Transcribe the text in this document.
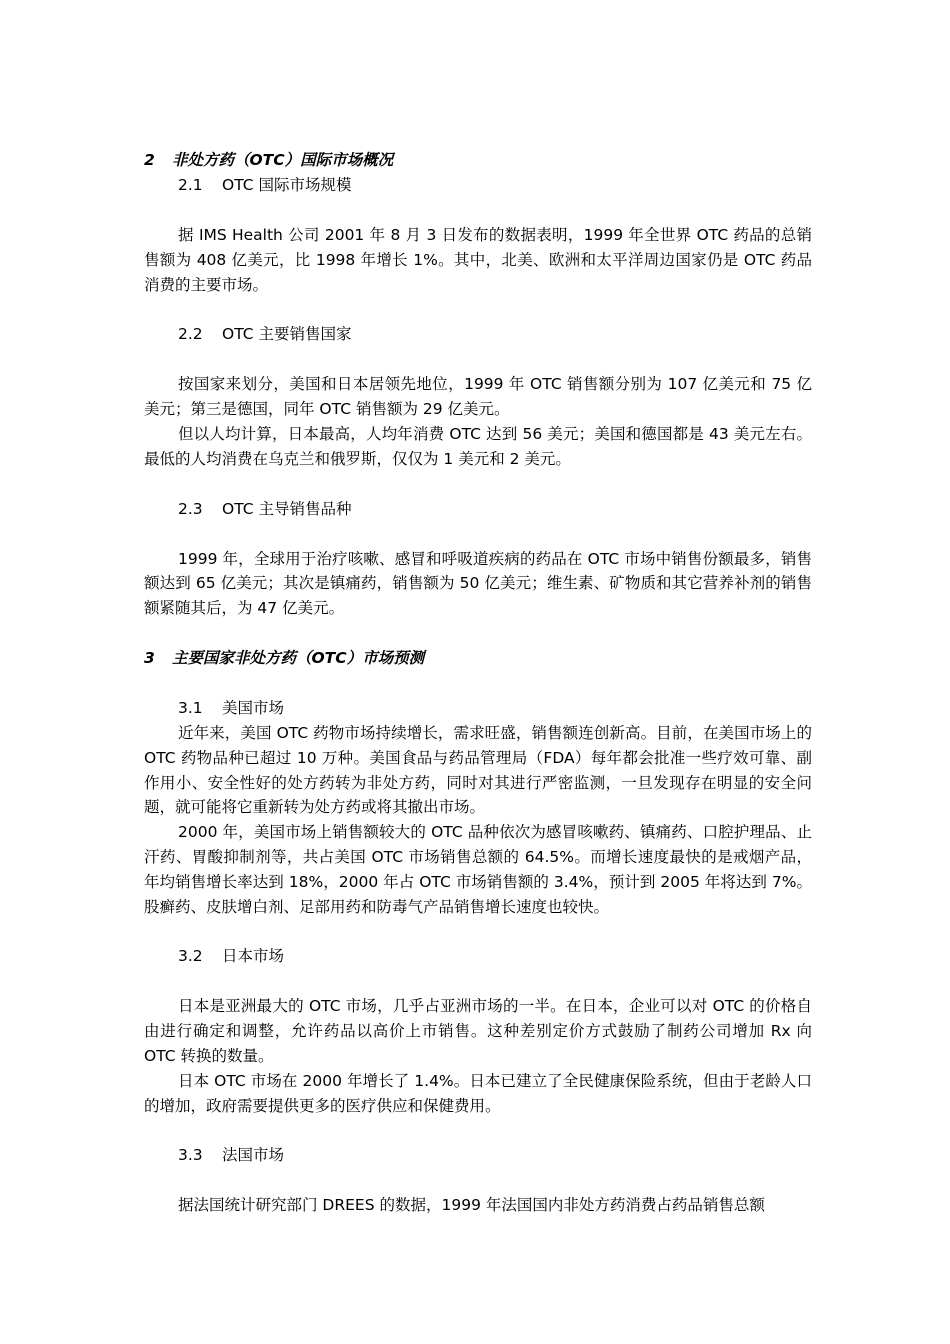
2 非处方药（OTC）国际市场概况

2.1 OTC 国际市场规模

据 IMS Health 公司 2001 年 8 月 3 日发布的数据表明，1999 年全世界 OTC 药品的总销售额为 408 亿美元，比 1998 年增长 1%。其中，北美、欧洲和太平洋周边国家仍是 OTC 药品消费的主要市场。

2.2 OTC 主要销售国家

按国家来划分，美国和日本居领先地位，1999 年 OTC 销售额分别为 107 亿美元和 75 亿美元；第三是德国，同年 OTC 销售额为 29 亿美元。

但以人均计算，日本最高，人均年消费 OTC 达到 56 美元；美国和德国都是 43 美元左右。最低的人均消费在乌克兰和俄罗斯，仅仅为 1 美元和 2 美元。

2.3 OTC 主导销售品种

1999 年，全球用于治疗咳嗽、感冒和呼吸道疾病的药品在 OTC 市场中销售份额最多，销售额达到 65 亿美元；其次是镇痛药，销售额为 50 亿美元；维生素、矿物质和其它营养补剂的销售额紧随其后，为 47 亿美元。

3 主要国家非处方药（OTC）市场预测

3.1 美国市场

近年来，美国 OTC 药物市场持续增长，需求旺盛，销售额连创新高。目前，在美国市场上的 OTC 药物品种已超过 10 万种。美国食品与药品管理局（FDA）每年都会批准一些疗效可靠、副作用小、安全性好的处方药转为非处方药，同时对其进行严密监测，一旦发现存在明显的安全问题，就可能将它重新转为处方药或将其撤出市场。

2000 年，美国市场上销售额较大的 OTC 品种依次为感冒咳嗽药、镇痛药、口腔护理品、止汗药、胃酸抑制剂等，共占美国 OTC 市场销售总额的 64.5%。而增长速度最快的是戒烟产品，年均销售增长率达到 18%，2000 年占 OTC 市场销售额的 3.4%，预计到 2005 年将达到 7%。股癣药、皮肤增白剂、足部用药和防毒气产品销售增长速度也较快。

3.2 日本市场

日本是亚洲最大的 OTC 市场，几乎占亚洲市场的一半。在日本，企业可以对 OTC 的价格自由进行确定和调整，允许药品以高价上市销售。这种差别定价方式鼓励了制药公司增加 Rx 向 OTC 转换的数量。

日本 OTC 市场在 2000 年增长了 1.4%。日本已建立了全民健康保险系统，但由于老龄人口的增加，政府需要提供更多的医疗供应和保健费用。

3.3 法国市场

据法国统计研究部门 DREES 的数据，1999 年法国国内非处方药消费占药品销售总额
